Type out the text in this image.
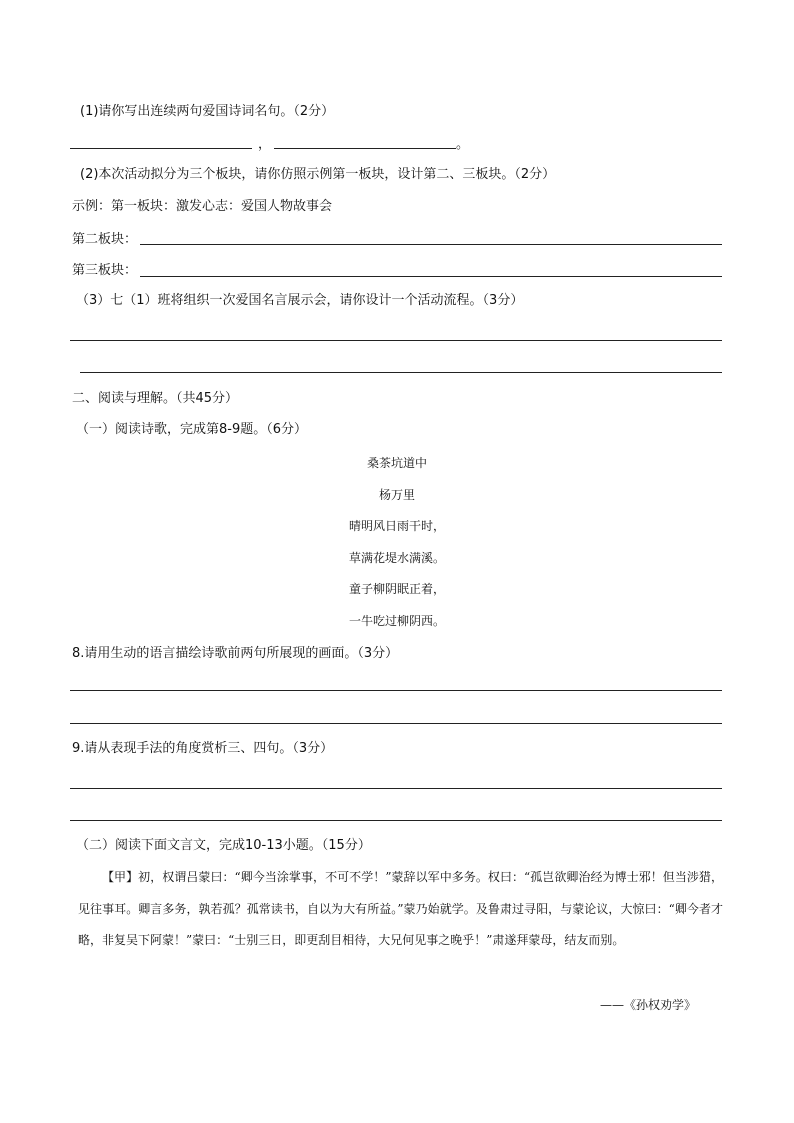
(1)请你写出连续两句爱国诗词名句。（2分）
，	。
(2)本次活动拟分为三个板块，请你仿照示例第一板块，设计第二、三板块。（2分）
示例：第一板块：激发心志：爱国人物故事会
第二板块：
第三板块：
（3）七（1）班将组织一次爱国名言展示会，请你设计一个活动流程。（3分）
二、阅读与理解。（共45分）
（一）阅读诗歌，完成第8-9题。（6分）
桑茶坑道中
杨万里
晴明风日雨干时，
草满花堤水满溪。
童子柳阴眠正着，
一牛吃过柳阴西。
8.请用生动的语言描绘诗歌前两句所展现的画面。（3分）
9.请从表现手法的角度赏析三、四句。（3分）
（二）阅读下面文言文，完成10-13小题。（15分）
【甲】初，权谓吕蒙曰：“卿今当涂掌事，不可不学！”蒙辞以军中多务。权曰：“孤岂欲卿治经为博士邪！但当涉猎，见往事耳。卿言多务，孰若孤？孤常读书，自以为大有所益。”蒙乃始就学。及鲁肃过寻阳，与蒙论议，大惊曰：“卿今者才略，非复吴下阿蒙！”蒙曰：“士别三日，即更刮目相待，大兄何见事之晚乎！”肃遂拜蒙母，结友而别。
——《孙权劝学》
